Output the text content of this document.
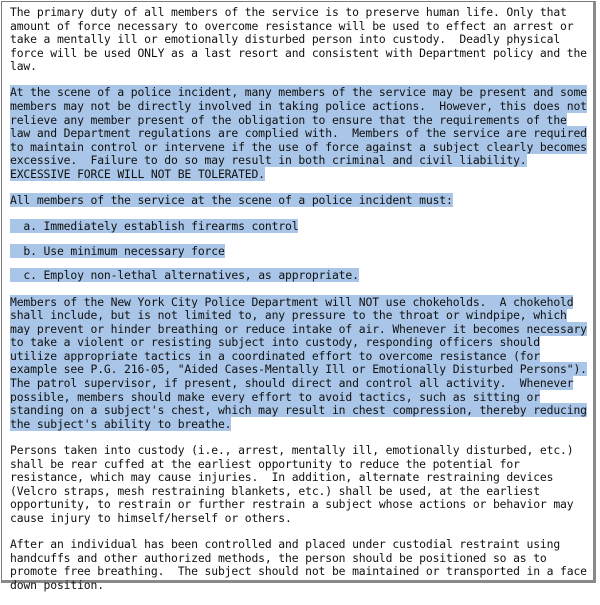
The primary duty of all members of the service is to preserve human life. Only that
amount of force necessary to overcome resistance will be used to effect an arrest or
take a mentally ill or emotionally disturbed person into custody.  Deadly physical
force will be used ONLY as a last resort and consistent with Department policy and the
law.

At the scene of a police incident, many members of the service may be present and some
members may not be directly involved in taking police actions.  However, this does not
relieve any member present of the obligation to ensure that the requirements of the
law and Department regulations are complied with.  Members of the service are required
to maintain control or intervene if the use of force against a subject clearly becomes
excessive.  Failure to do so may result in both criminal and civil liability.
EXCESSIVE FORCE WILL NOT BE TOLERATED.

All members of the service at the scene of a police incident must:

a. Immediately establish firearms control

b. Use minimum necessary force

c. Employ non-lethal alternatives, as appropriate.

Members of the New York City Police Department will NOT use chokeholds.  A chokehold
shall include, but is not limited to, any pressure to the throat or windpipe, which
may prevent or hinder breathing or reduce intake of air. Whenever it becomes necessary
to take a violent or resisting subject into custody, responding officers should
utilize appropriate tactics in a coordinated effort to overcome resistance (for
example see P.G. 216-05, "Aided Cases-Mentally Ill or Emotionally Disturbed Persons").
The patrol supervisor, if present, should direct and control all activity.  Whenever
possible, members should make every effort to avoid tactics, such as sitting or
standing on a subject's chest, which may result in chest compression, thereby reducing
the subject's ability to breathe.

Persons taken into custody (i.e., arrest, mentally ill, emotionally disturbed, etc.)
shall be rear cuffed at the earliest opportunity to reduce the potential for
resistance, which may cause injuries.  In addition, alternate restraining devices
(Velcro straps, mesh restraining blankets, etc.) shall be used, at the earliest
opportunity, to restrain or further restrain a subject whose actions or behavior may
cause injury to himself/herself or others.

After an individual has been controlled and placed under custodial restraint using
handcuffs and other authorized methods, the person should be positioned so as to
promote free breathing.  The subject should not be maintained or transported in a face
down position.
